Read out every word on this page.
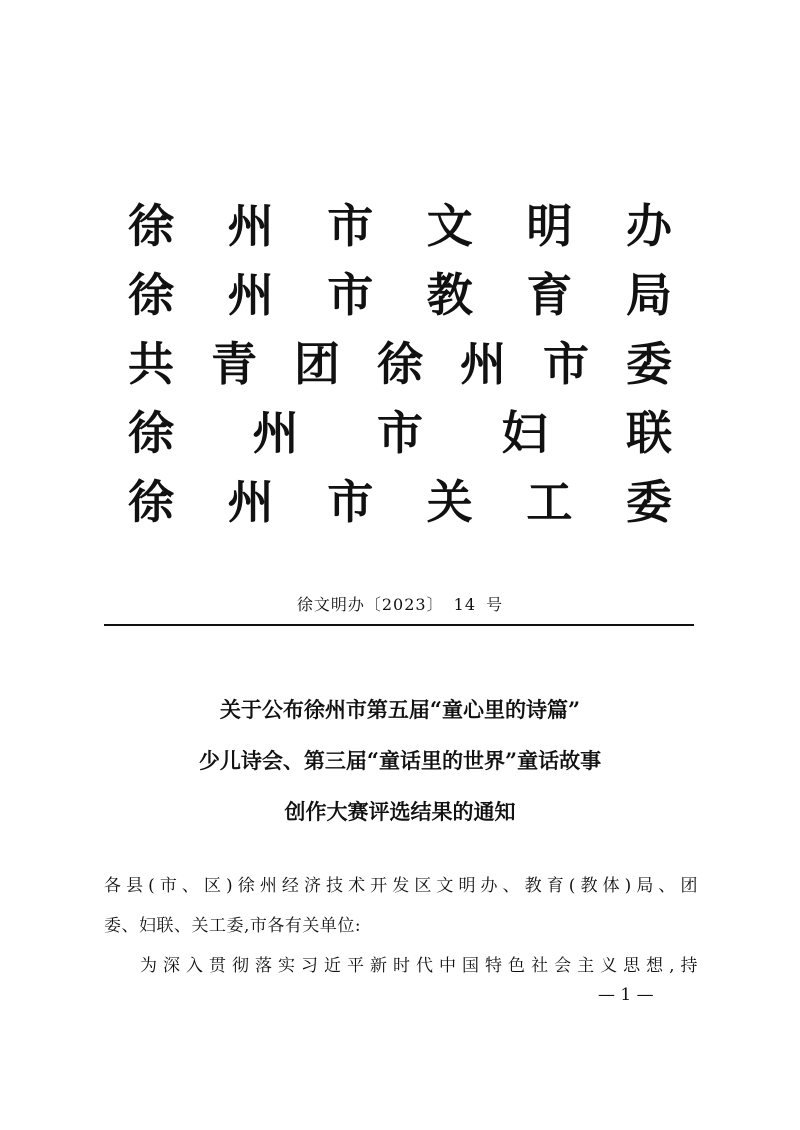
徐 州 市 文 明 办
徐 州 市 教 育 局
共 青 团 徐 州 市 委
徐 州 市 妇 联
徐 州 市 关 工 委
徐文明办〔2023〕 14 号
关于公布徐州市第五届“童心里的诗篇”
少儿诗会、第三届“童话里的世界”童话故事
创作大赛评选结果的通知
各县(市、区)徐州经济技术开发区文明办、教育(教体)局、团
委、妇联、关工委,市各有关单位:
为深入贯彻落实习近平新时代中国特色社会主义思想,持
— 1 —
